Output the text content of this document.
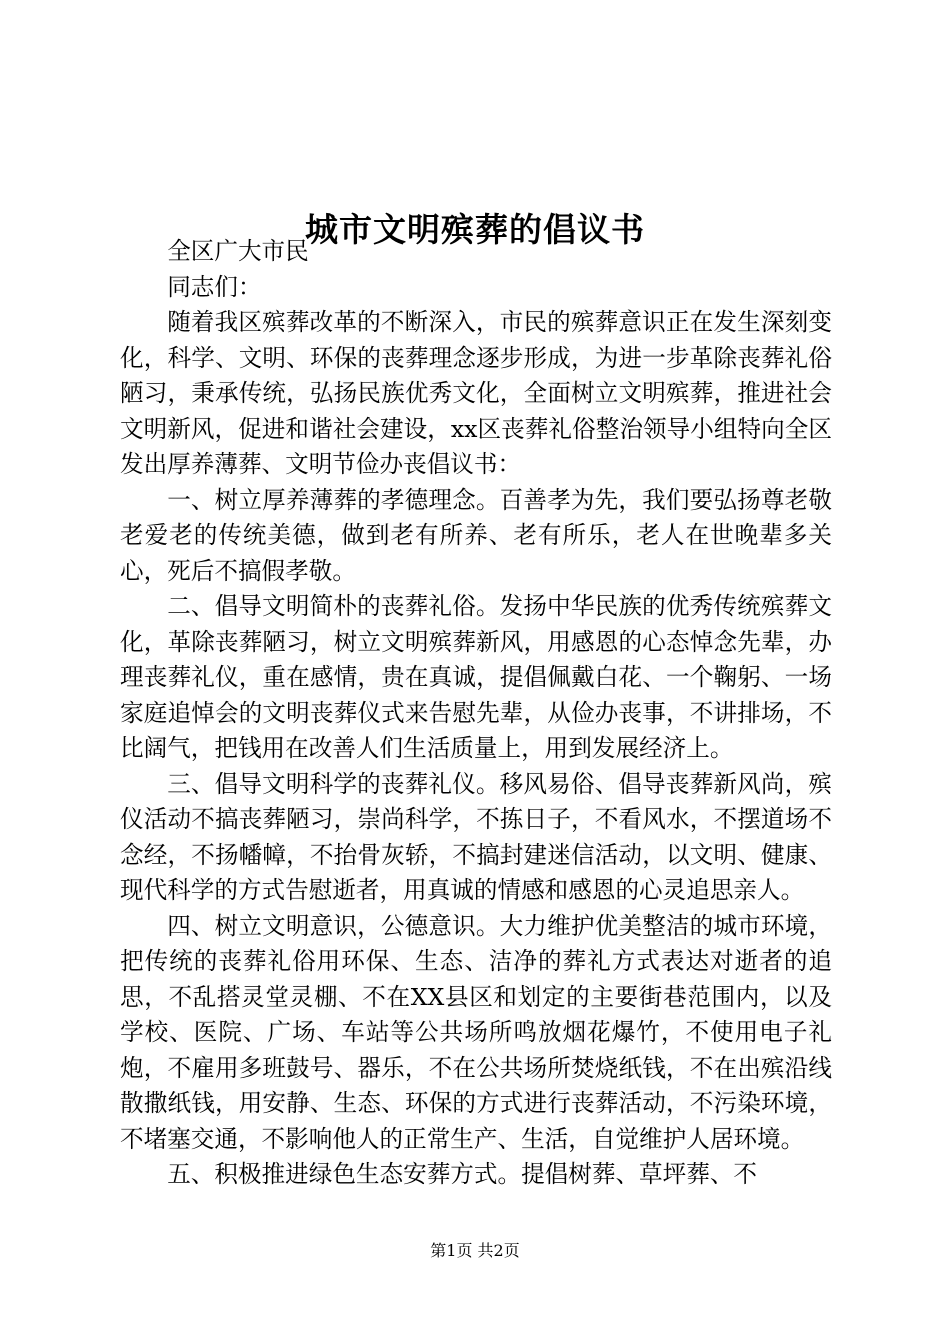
城市文明殡葬的倡议书

全区广大市民

同志们：

随着我区殡葬改革的不断深入，市民的殡葬意识正在发生深刻变化，科学、文明、环保的丧葬理念逐步形成，为进一步革除丧葬礼俗陋习，秉承传统，弘扬民族优秀文化，全面树立文明殡葬，推进社会文明新风，促进和谐社会建设，xx区丧葬礼俗整治领导小组特向全区发出厚养薄葬、文明节俭办丧倡议书：

一、树立厚养薄葬的孝德理念。百善孝为先，我们要弘扬尊老敬老爱老的传统美德，做到老有所养、老有所乐，老人在世晚辈多关心，死后不搞假孝敬。

二、倡导文明简朴的丧葬礼俗。发扬中华民族的优秀传统殡葬文化，革除丧葬陋习，树立文明殡葬新风，用感恩的心态悼念先辈，办理丧葬礼仪，重在感情，贵在真诚，提倡佩戴白花、一个鞠躬、一场家庭追悼会的文明丧葬仪式来告慰先辈，从俭办丧事，不讲排场，不比阔气，把钱用在改善人们生活质量上，用到发展经济上。

三、倡导文明科学的丧葬礼仪。移风易俗、倡导丧葬新风尚，殡仪活动不搞丧葬陋习，崇尚科学，不拣日子，不看风水，不摆道场不念经，不扬幡幛，不抬骨灰轿，不搞封建迷信活动，以文明、健康、现代科学的方式告慰逝者，用真诚的情感和感恩的心灵追思亲人。

四、树立文明意识，公德意识。大力维护优美整洁的城市环境，把传统的丧葬礼俗用环保、生态、洁净的葬礼方式表达对逝者的追思，不乱搭灵堂灵棚、不在XX县区和划定的主要街巷范围内，以及学校、医院、广场、车站等公共场所鸣放烟花爆竹，不使用电子礼炮，不雇用多班鼓号、器乐，不在公共场所焚烧纸钱，不在出殡沿线散撒纸钱，用安静、生态、环保的方式进行丧葬活动，不污染环境，不堵塞交通，不影响他人的正常生产、生活，自觉维护人居环境。

五、积极推进绿色生态安葬方式。提倡树葬、草坪葬、不

第1页 共2页
